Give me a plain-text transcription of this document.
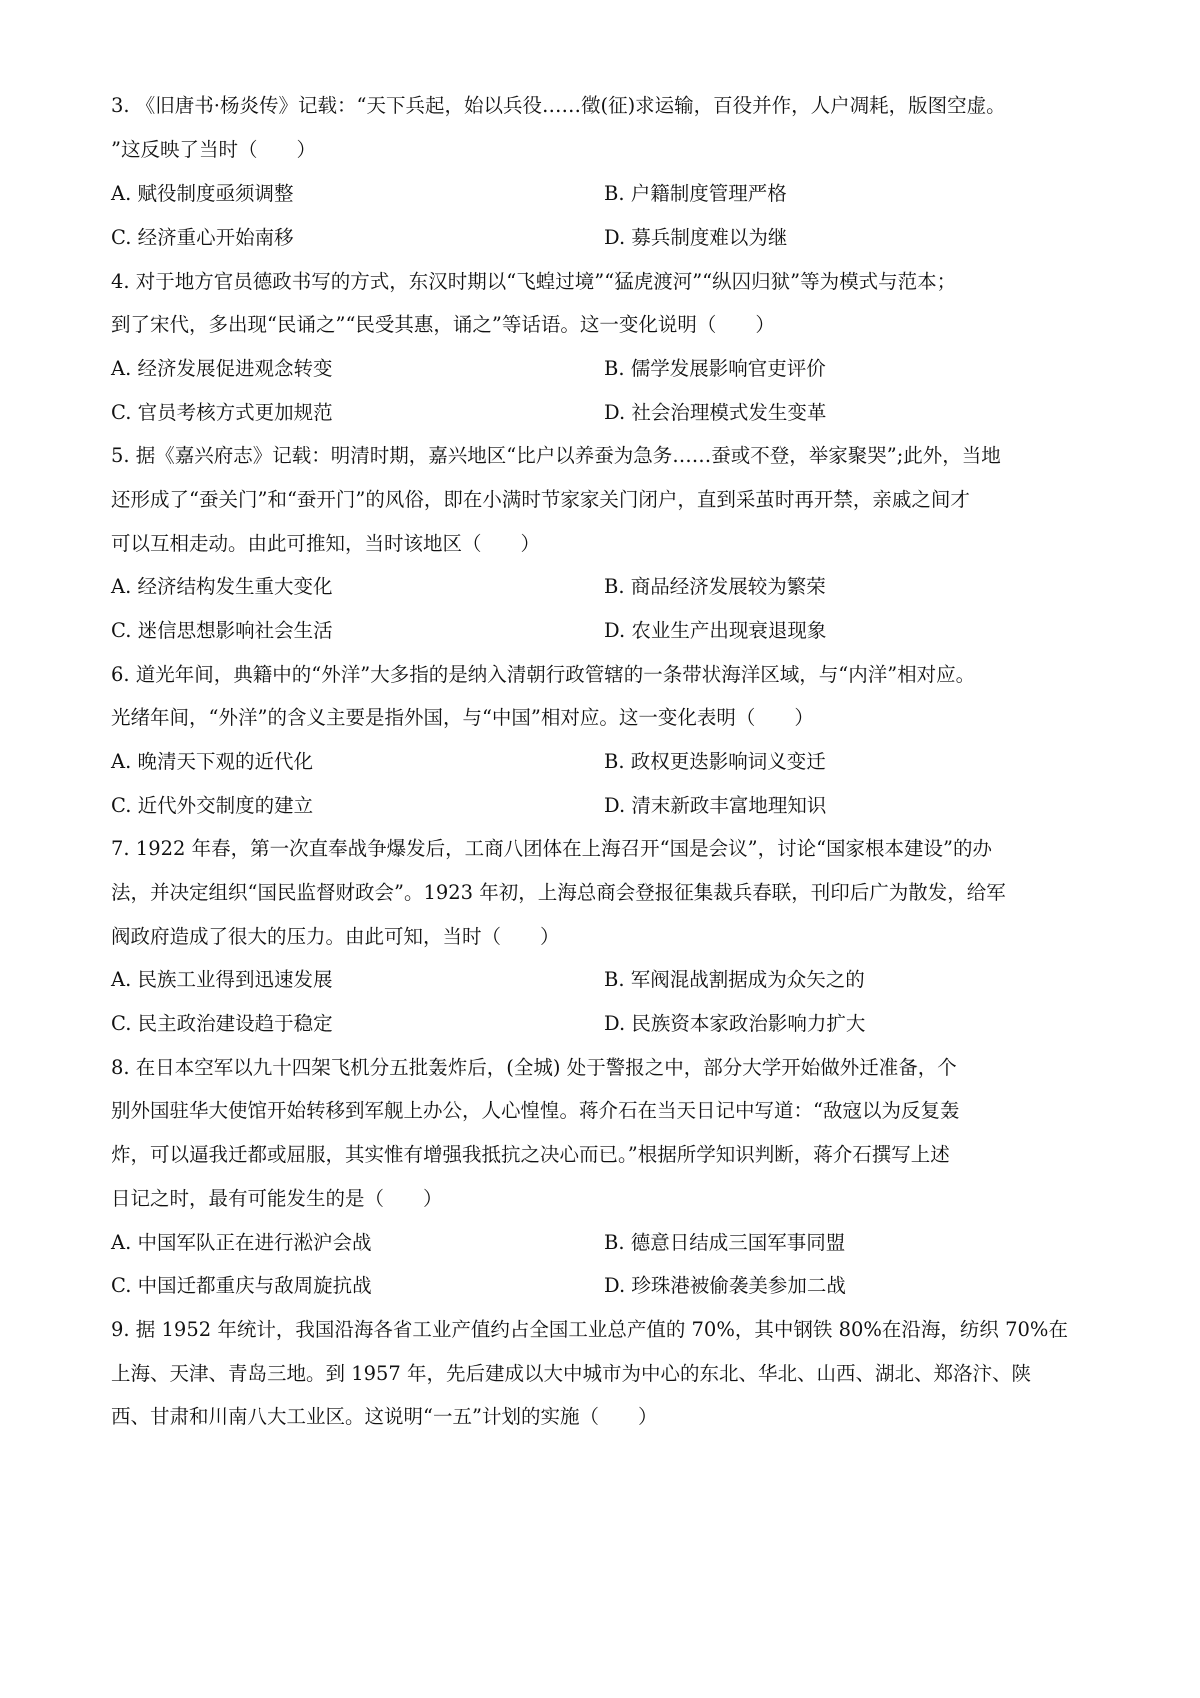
3. 《旧唐书·杨炎传》记载：“天下兵起，始以兵役……徵(征)求运输，百役并作，人户凋耗，版图空虚。
”这反映了当时（　　）
A. 赋役制度亟须调整	B. 户籍制度管理严格
C. 经济重心开始南移	D. 募兵制度难以为继
4. 对于地方官员德政书写的方式，东汉时期以“飞蝗过境”“猛虎渡河”“纵囚归狱”等为模式与范本；
到了宋代，多出现“民诵之”“民受其惠，诵之”等话语。这一变化说明（　　）
A. 经济发展促进观念转变	B. 儒学发展影响官吏评价
C. 官员考核方式更加规范	D. 社会治理模式发生变革
5. 据《嘉兴府志》记载：明清时期，嘉兴地区“比户以养蚕为急务……蚕或不登，举家聚哭”;此外，当地
还形成了“蚕关门”和“蚕开门”的风俗，即在小满时节家家关门闭户，直到采茧时再开禁，亲戚之间才
可以互相走动。由此可推知，当时该地区（　　）
A. 经济结构发生重大变化	B. 商品经济发展较为繁荣
C. 迷信思想影响社会生活	D. 农业生产出现衰退现象
6. 道光年间，典籍中的“外洋”大多指的是纳入清朝行政管辖的一条带状海洋区域，与“内洋”相对应。
光绪年间，“外洋”的含义主要是指外国，与“中国”相对应。这一变化表明（　　）
A. 晚清天下观的近代化	B. 政权更迭影响词义变迁
C. 近代外交制度的建立	D. 清末新政丰富地理知识
7. 1922 年春，第一次直奉战争爆发后，工商八团体在上海召开“国是会议”，讨论“国家根本建设”的办
法，并决定组织“国民监督财政会”。1923 年初，上海总商会登报征集裁兵春联，刊印后广为散发，给军
阀政府造成了很大的压力。由此可知，当时（　　）
A. 民族工业得到迅速发展	B. 军阀混战割据成为众矢之的
C. 民主政治建设趋于稳定	D. 民族资本家政治影响力扩大
8. 在日本空军以九十四架飞机分五批轰炸后，(全城) 处于警报之中，部分大学开始做外迁准备，个
别外国驻华大使馆开始转移到军舰上办公，人心惶惶。蒋介石在当天日记中写道：“敌寇以为反复轰
炸，可以逼我迁都或屈服，其实惟有增强我抵抗之决心而已。”根据所学知识判断，蒋介石撰写上述
日记之时，最有可能发生的是（　　）
A. 中国军队正在进行淞沪会战	B. 德意日结成三国军事同盟
C. 中国迁都重庆与敌周旋抗战	D. 珍珠港被偷袭美参加二战
9. 据 1952 年统计，我国沿海各省工业产值约占全国工业总产值的 70%，其中钢铁 80%在沿海，纺织 70%在
上海、天津、青岛三地。到 1957 年，先后建成以大中城市为中心的东北、华北、山西、湖北、郑洛汴、陕
西、甘肃和川南八大工业区。这说明“一五”计划的实施（　　）
